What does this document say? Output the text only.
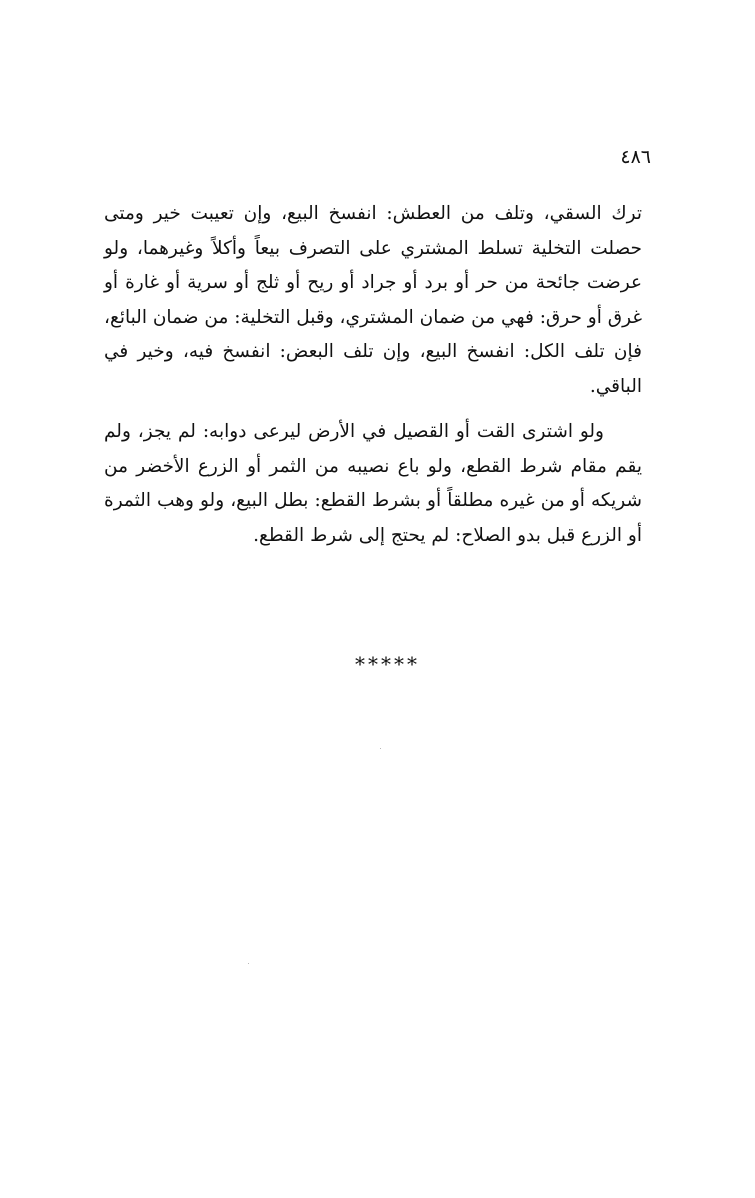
٤٨٦

ترك السقي، وتلف من العطش: انفسخ البيع، وإن تعيبت خير ومتى حصلت التخلية تسلط المشتري على التصرف بيعاً وأكلاً وغيرهما، ولو عرضت جائحة من حر أو برد أو جراد أو ريح أو ثلج أو سرية أو غارة أو غرق أو حرق: فهي من ضمان المشتري، وقبل التخلية: من ضمان البائع، فإن تلف الكل: انفسخ البيع، وإن تلف البعض: انفسخ فيه، وخير في الباقي.

ولو اشترى القت أو القصيل في الأرض ليرعى دوابه: لم يجز، ولم يقم مقام شرط القطع، ولو باع نصيبه من الثمر أو الزرع الأخضر من شريكه أو من غيره مطلقاً أو بشرط القطع: بطل البيع، ولو وهب الثمرة أو الزرع قبل بدو الصلاح: لم يحتج إلى شرط القطع.

*****
